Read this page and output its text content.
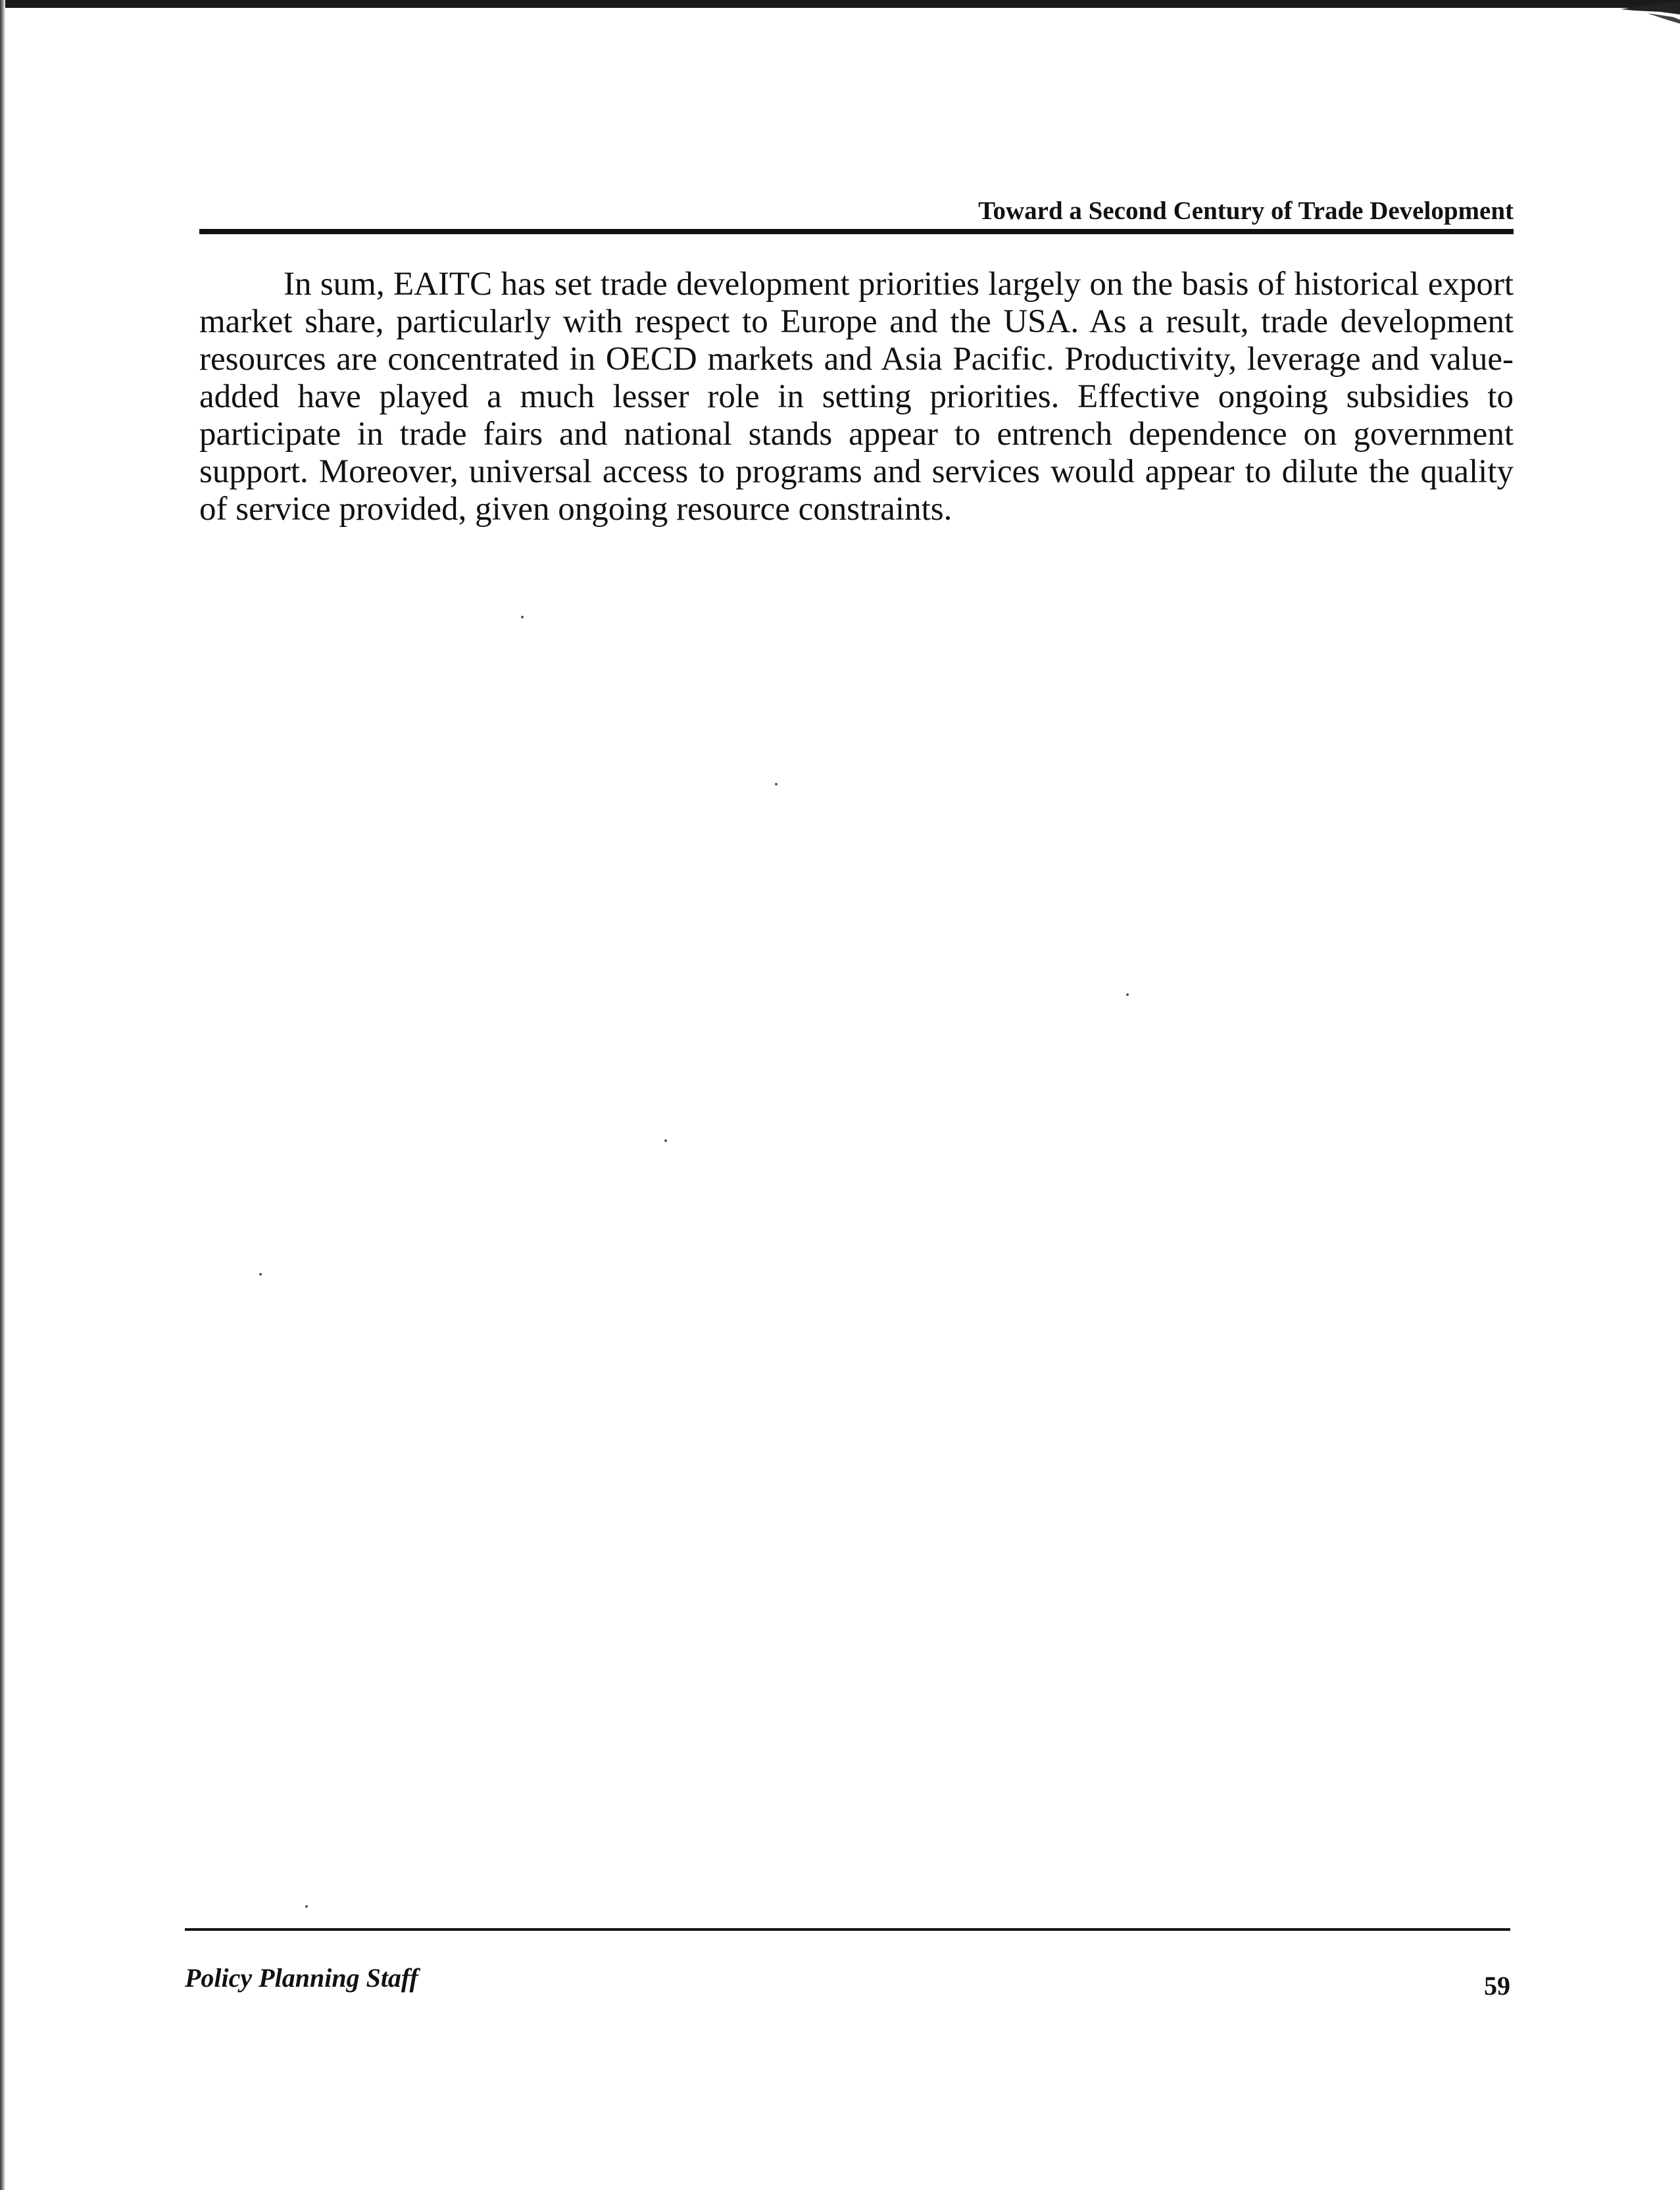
Toward a Second Century of Trade Development

In sum, EAITC has set trade development priorities largely on the basis of historical export market share, particularly with respect to Europe and the USA. As a result, trade development resources are concentrated in OECD markets and Asia Pacific. Productivity, leverage and value-added have played a much lesser role in setting priorities. Effective ongoing subsidies to participate in trade fairs and national stands appear to entrench dependence on government support. Moreover, universal access to programs and services would appear to dilute the quality of service provided, given ongoing resource constraints.

Policy Planning Staff	59
